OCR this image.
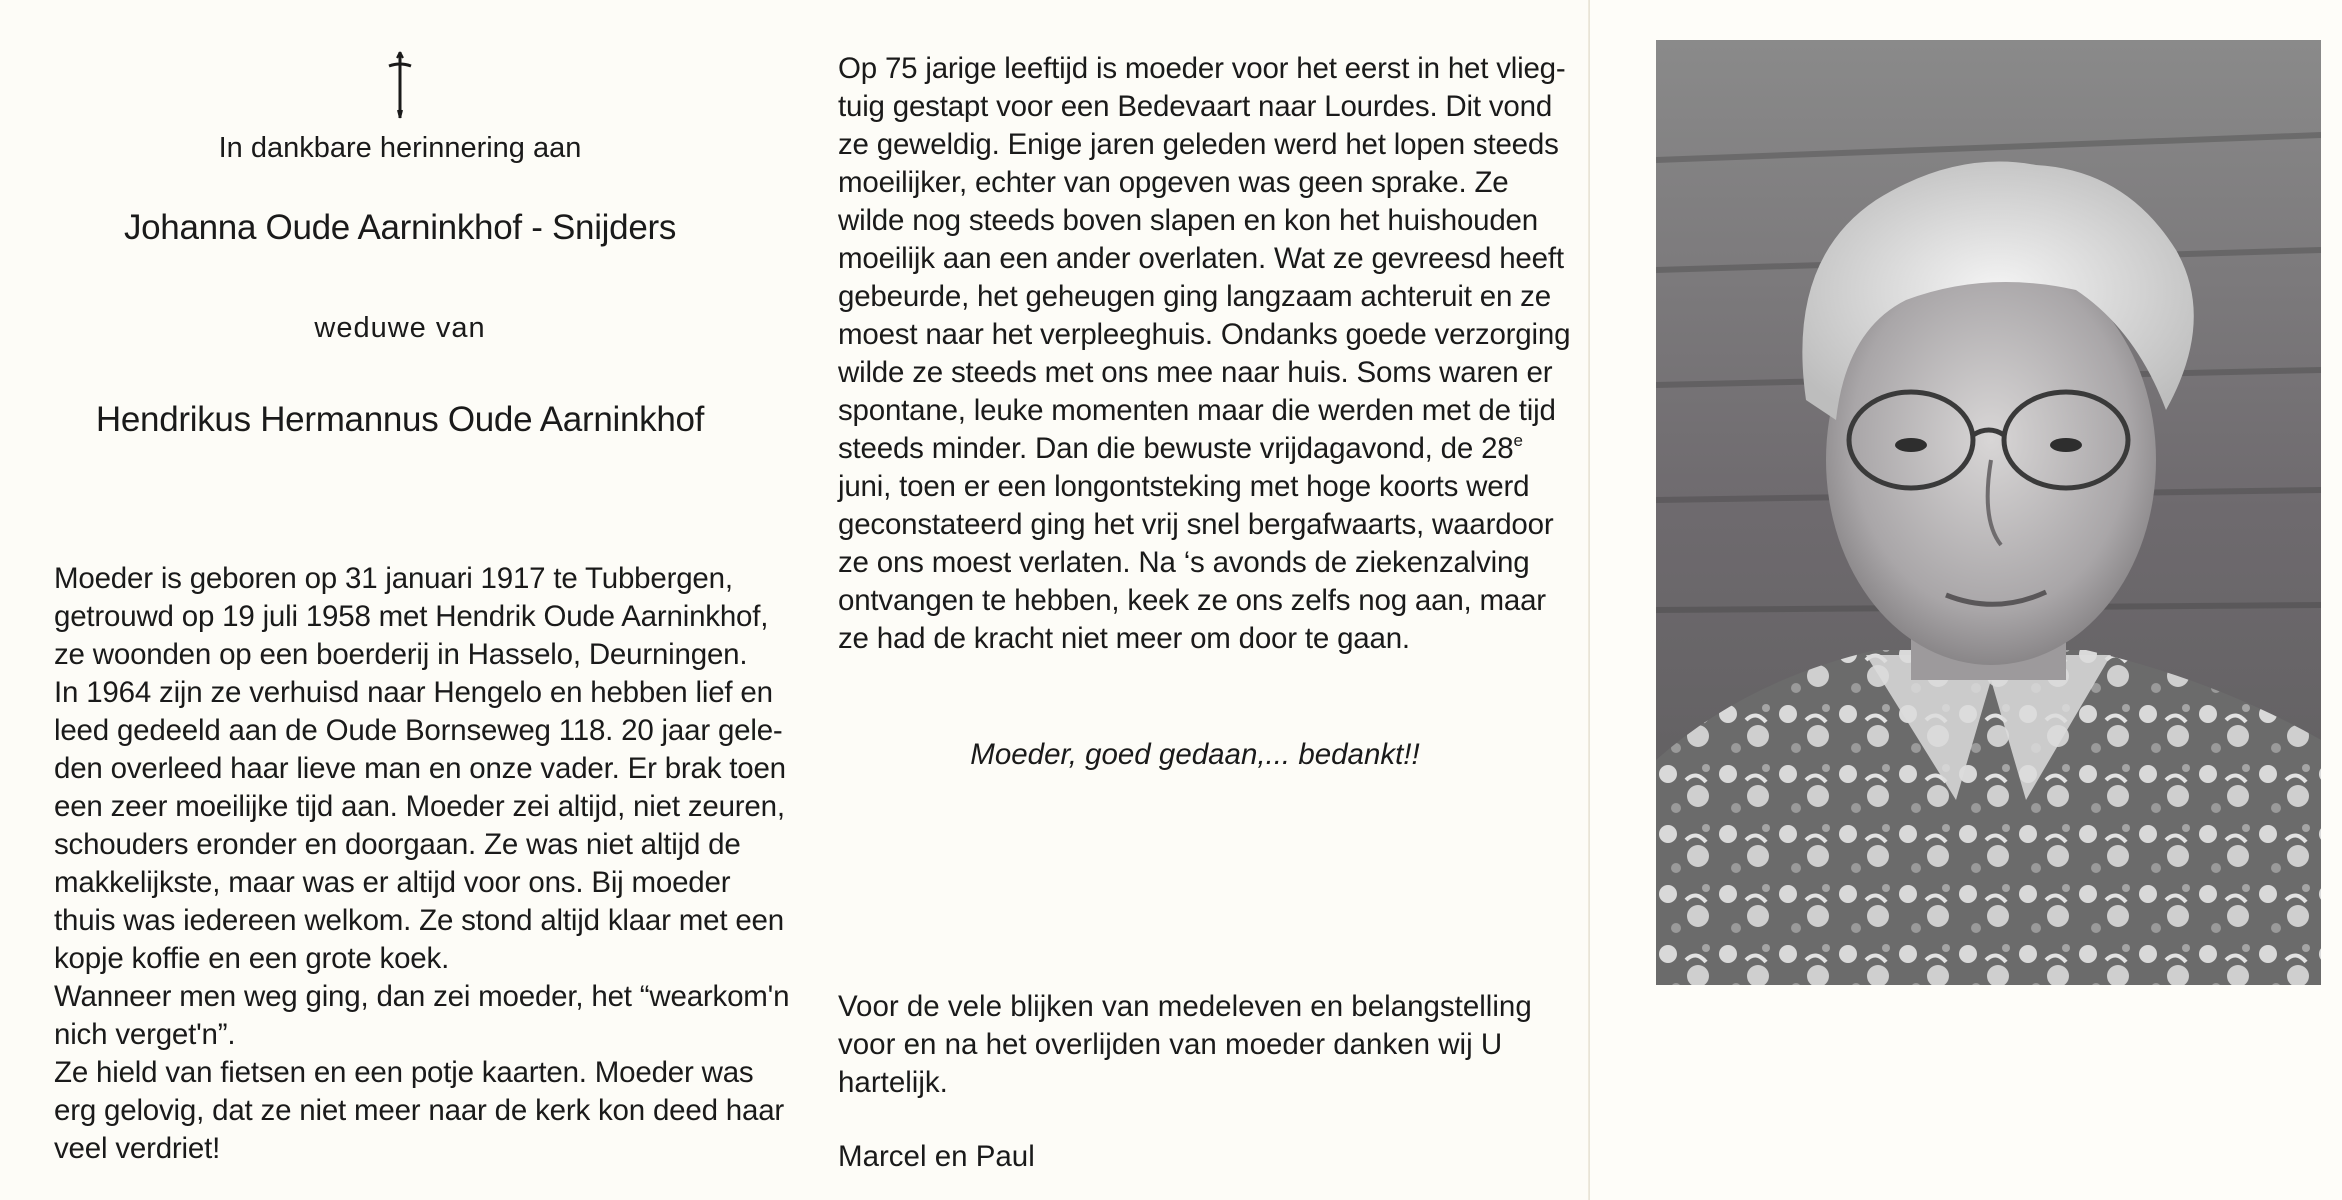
In dankbare herinnering aan
Johanna Oude Aarninkhof - Snijders
weduwe van
Hendrikus Hermannus Oude Aarninkhof
Moeder is geboren op 31 januari 1917 te Tubbergen,
getrouwd op 19 juli 1958 met Hendrik Oude Aarninkhof,
ze woonden op een boerderij in Hasselo, Deurningen.
In 1964 zijn ze verhuisd naar Hengelo en hebben lief en
leed gedeeld aan de Oude Bornseweg 118. 20 jaar gele-
den overleed haar lieve man en onze vader. Er brak toen
een zeer moeilijke tijd aan. Moeder zei altijd, niet zeuren,
schouders eronder en doorgaan. Ze was niet altijd de
makkelijkste, maar was er altijd voor ons. Bij moeder
thuis was iedereen welkom. Ze stond altijd klaar met een
kopje koffie en een grote koek.
Wanneer men weg ging, dan zei moeder, het “wearkom'n
nich verget'n”.
Ze hield van fietsen en een potje kaarten. Moeder was
erg gelovig, dat ze niet meer naar de kerk kon deed haar
veel verdriet!
Op 75 jarige leeftijd is moeder voor het eerst in het vlieg-
tuig gestapt voor een Bedevaart naar Lourdes. Dit vond
ze geweldig. Enige jaren geleden werd het lopen steeds
moeilijker, echter van opgeven was geen sprake. Ze
wilde nog steeds boven slapen en kon het huishouden
moeilijk aan een ander overlaten. Wat ze gevreesd heeft
gebeurde, het geheugen ging langzaam achteruit en ze
moest naar het verpleeghuis. Ondanks goede verzorging
wilde ze steeds met ons mee naar huis. Soms waren er
spontane, leuke momenten maar die werden met de tijd
steeds minder. Dan die bewuste vrijdagavond, de 28e
juni, toen er een longontsteking met hoge koorts werd
geconstateerd ging het vrij snel bergafwaarts, waardoor
ze ons moest verlaten. Na ‘s avonds de ziekenzalving
ontvangen te hebben, keek ze ons zelfs nog aan, maar
ze had de kracht niet meer om door te gaan.
Moeder, goed gedaan,... bedankt!!
Voor de vele blijken van medeleven en belangstelling
voor en na het overlijden van moeder danken wij U
hartelijk.
Marcel en Paul
